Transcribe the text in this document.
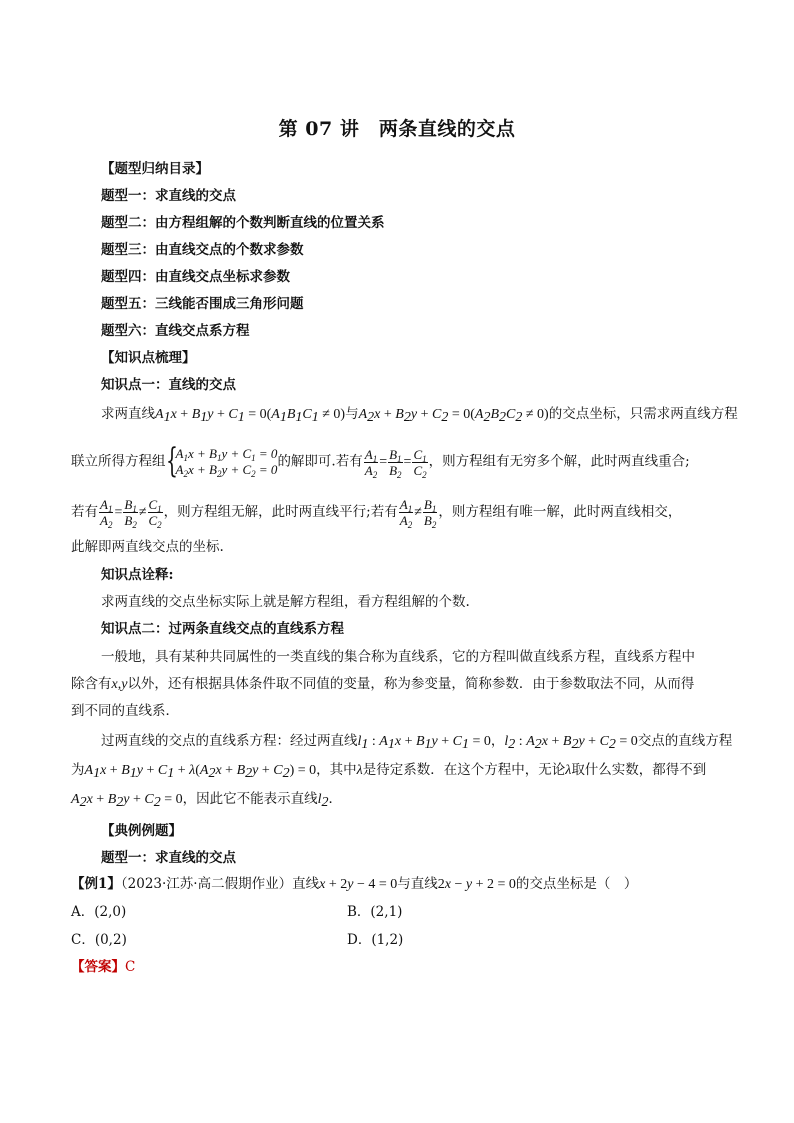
第 07 讲　两条直线的交点
【题型归纳目录】
题型一：求直线的交点
题型二：由方程组解的个数判断直线的位置关系
题型三：由直线交点的个数求参数
题型四：由直线交点坐标求参数
题型五：三线能否围成三角形问题
题型六：直线交点系方程
【知识点梳理】
知识点一：直线的交点
求两直线$A_1x + B_1y + C_1 = 0(A_1B_1C_1 \ne 0)$与$A_2x + B_2y + C_2 = 0(A_2B_2C_2 \ne 0)$的交点坐标，只需求两直线方程
联立所得方程组 {
$A_1x + B_1y + C_1 = 0$
$A_2x + B_2y + C_2 = 0$ 的解即可.若有 $\frac{A_1}{A_2} = \frac{B_1}{B_2} = \frac{C_1}{C_2}$ ，则方程组有无穷多个解，此时两直线重合;
若有 $\frac{A_1}{A_2} = \frac{B_1}{B_2} \ne \frac{C_1}{C_2}$ ，则方程组无解，此时两直线平行;若有 $\frac{A_1}{A_2} \ne \frac{B_1}{B_2}$ ，则方程组有唯一解，此时两直线相交，
此解即两直线交点的坐标.
知识点诠释:
求两直线的交点坐标实际上就是解方程组，看方程组解的个数.
知识点二：过两条直线交点的直线系方程
一般地，具有某种共同属性的一类直线的集合称为直线系，它的方程叫做直线系方程，直线系方程中
除含有x,y以外，还有根据具体条件取不同值的变量，称为参变量，简称参数．由于参数取法不同，从而得
到不同的直线系．
过两直线的交点的直线系方程：经过两直线$l_1$ : $A_1x + B_1y + C_1 = 0$，$l_2$ : $A_2x + B_2y + C_2 = 0$交点的直线方程
为$A_1x + B_1y + C_1 + \lambda(A_2x + B_2y + C_2) = 0$，其中λ是待定系数．在这个方程中，无论λ取什么实数，都得不到
$A_2x + B_2y + C_2 = 0$，因此它不能表示直线$l_2$．
【典例例题】
题型一：求直线的交点
【例1】（2023·江苏·高二假期作业）直线x + 2y − 4 = 0与直线2x − y + 2 = 0的交点坐标是（　）
A．(2,0)	B．(2,1)
C．(0,2)	D．(1,2)
【答案】C
